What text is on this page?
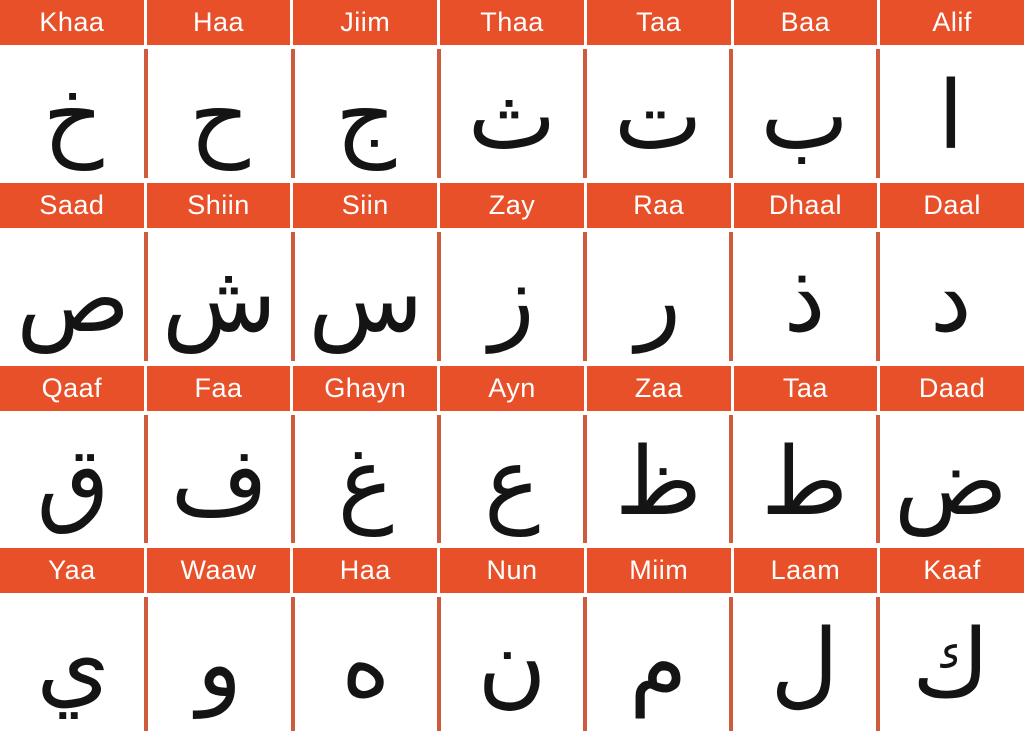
Khaa	Haa	Jiim	Thaa	Taa	Baa	Alif
خ ح ج ث ت ب ا
Saad	Shiin	Siin	Zay	Raa	Dhaal	Daal
ص ش س ز	ر	ذ	د
Qaaf	Faa	Ghayn	Ayn	Zaa	Taa	Daad
ق ف غ ع ظ ط ض
Yaa	Waaw	Haa	Nun	Miim	Laam	Kaaf
ي و	ه ن م ل ك
